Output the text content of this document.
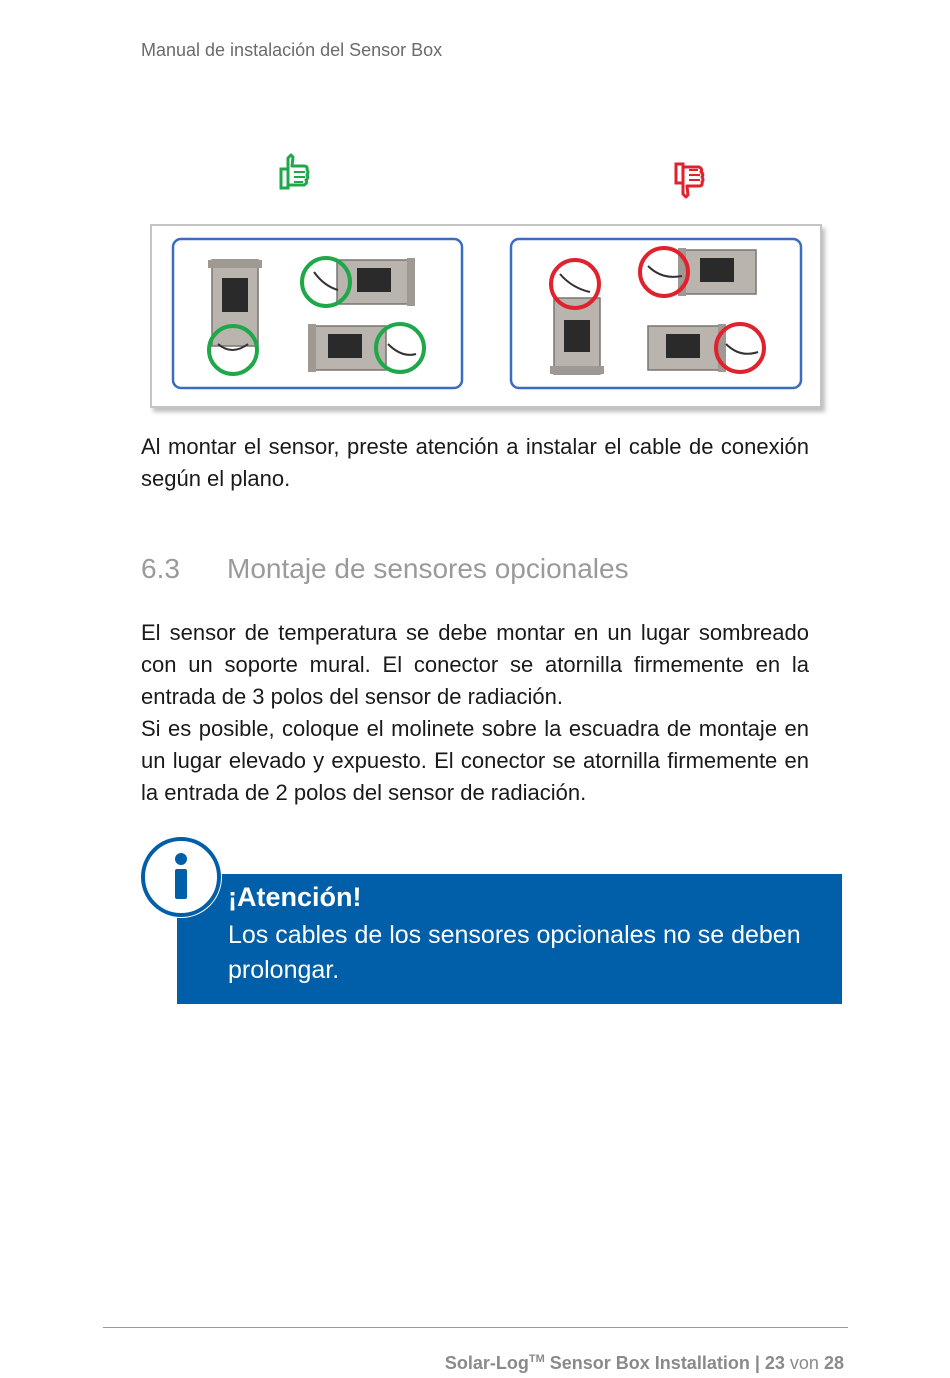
Manual de instalación del Sensor Box
Al montar el sensor, preste atención a instalar el cable de conexión según el plano.
6.3 Montaje de sensores opcionales

El sensor de temperatura se debe montar en un lugar sombreado con un soporte mural. El conector se atornilla firmemente en la entrada de 3 polos del sensor de radiación.

Si es posible, coloque el molinete sobre la escuadra de montaje en un lugar elevado y expuesto. El conector se atornilla firmemente en la entrada de 2 polos del sensor de radiación.

¡Atención!
Los cables de los sensores opcionales no se deben prolongar.
Solar-Log™ Sensor Box Installation | 23 von 28
